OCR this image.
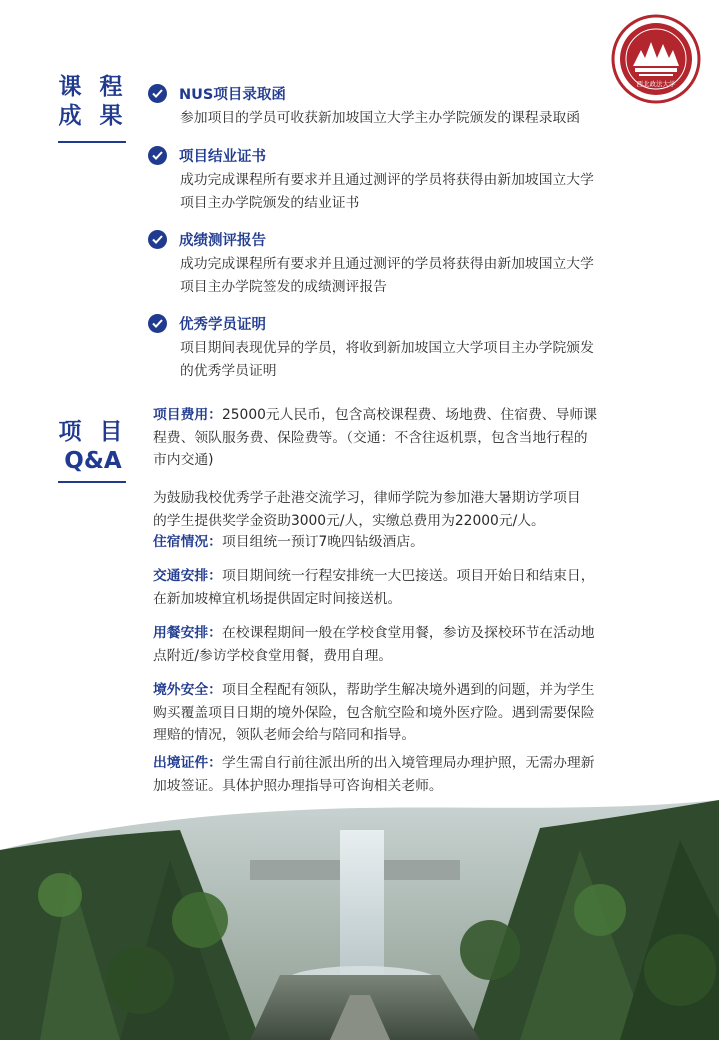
西北政法大学
课 程
成 果
NUS项目录取函
参加项目的学员可收获新加坡国立大学主办学院颁发的课程录取函
项目结业证书
成功完成课程所有要求并且通过测评的学员将获得由新加坡国立大学
项目主办学院颁发的结业证书
成绩测评报告
成功完成课程所有要求并且通过测评的学员将获得由新加坡国立大学
项目主办学院签发的成绩测评报告
优秀学员证明
项目期间表现优异的学员，将收到新加坡国立大学项目主办学院颁发
的优秀学员证明
项 目
Q&A
项目费用：25000元人民币，包含高校课程费、场地费、住宿费、导师课
程费、领队服务费、保险费等。（交通：不含往返机票，包含当地行程的
市内交通)
为鼓励我校优秀学子赴港交流学习，律师学院为参加港大暑期访学项目
的学生提供奖学金资助3000元/人，实缴总费用为22000元/人。
住宿情况：项目组统一预订7晚四钻级酒店。
交通安排：项目期间统一行程安排统一大巴接送。项目开始日和结束日，
在新加坡樟宜机场提供固定时间接送机。
用餐安排：在校课程期间一般在学校食堂用餐，参访及探校环节在活动地
点附近/参访学校食堂用餐，费用自理。
境外安全：项目全程配有领队，帮助学生解决境外遇到的问题，并为学生
购买覆盖项目日期的境外保险，包含航空险和境外医疗险。遇到需要保险
理赔的情况，领队老师会给与陪同和指导。
出境证件：学生需自行前往派出所的出入境管理局办理护照，无需办理新
加坡签证。具体护照办理指导可咨询相关老师。
